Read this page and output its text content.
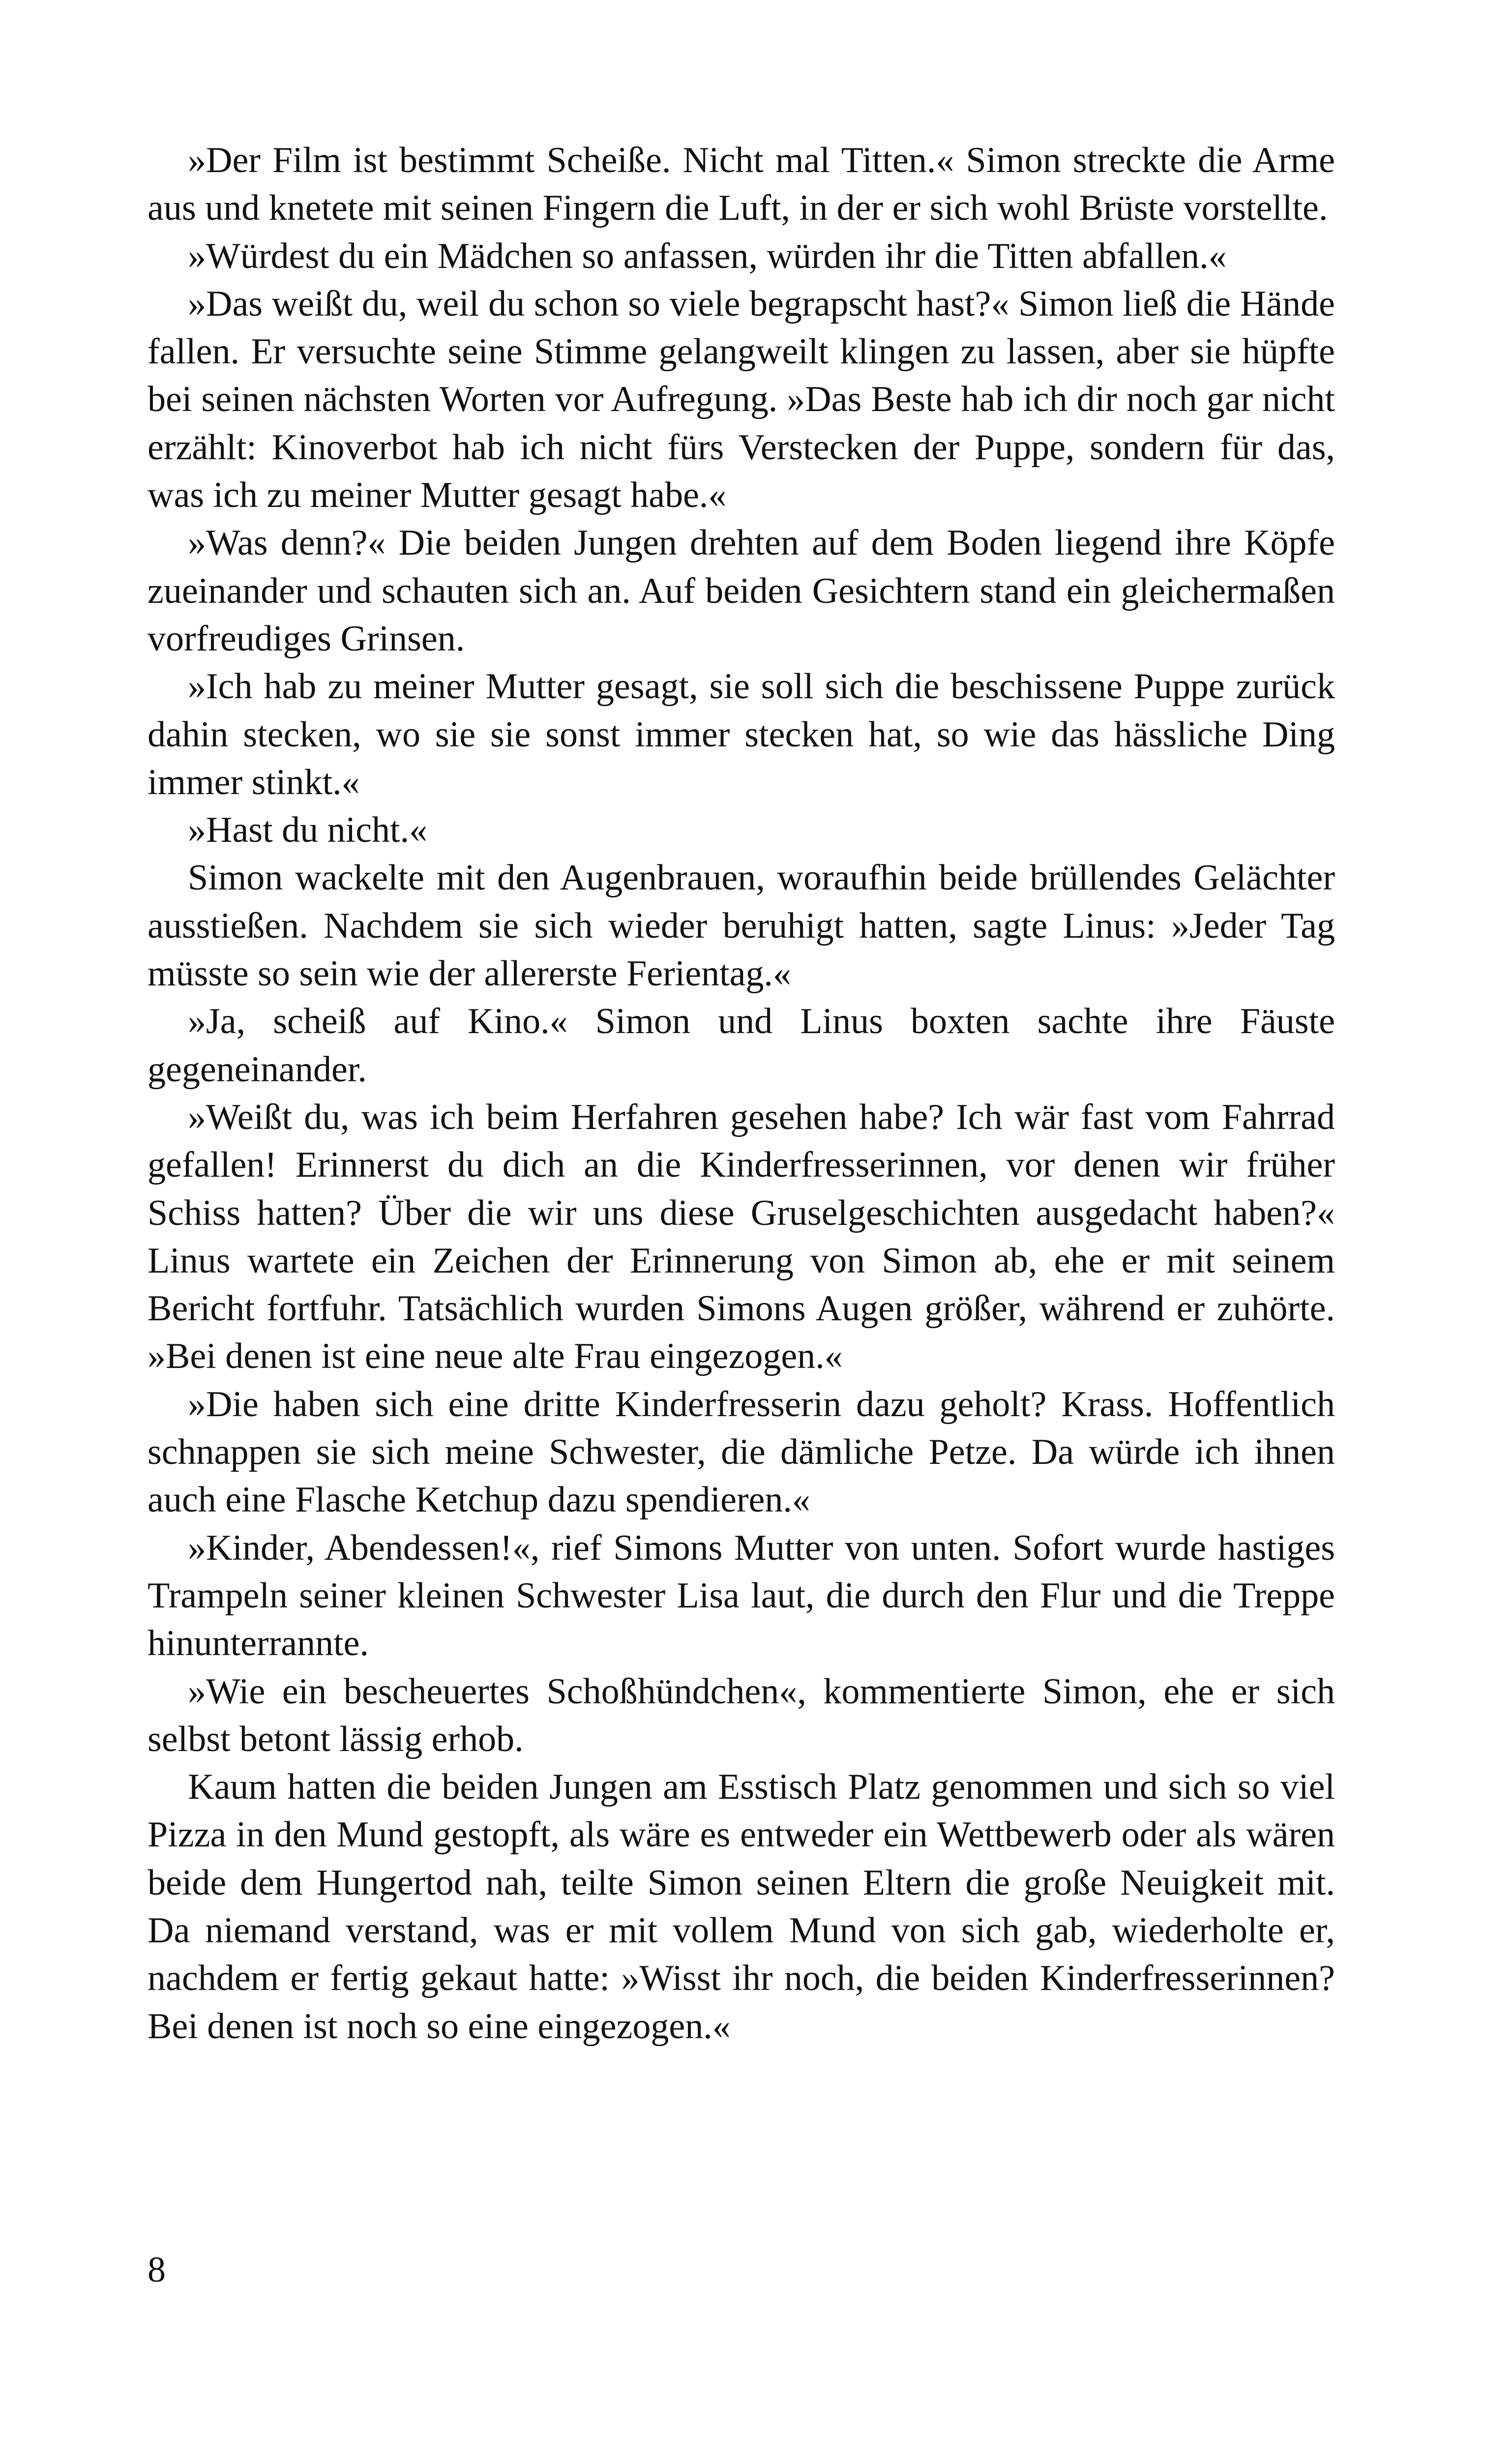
»Der Film ist bestimmt Scheiße. Nicht mal Titten.« Simon streckte die Arme aus und knetete mit seinen Fingern die Luft, in der er sich wohl Brüste vorstellte.

»Würdest du ein Mädchen so anfassen, würden ihr die Titten abfallen.«

»Das weißt du, weil du schon so viele begrapscht hast?« Simon ließ die Hände fallen. Er versuchte seine Stimme gelangweilt klingen zu lassen, aber sie hüpfte bei seinen nächsten Worten vor Aufregung. »Das Beste hab ich dir noch gar nicht erzählt: Kinoverbot hab ich nicht fürs Verstecken der Puppe, sondern für das, was ich zu meiner Mutter gesagt habe.«

»Was denn?« Die beiden Jungen drehten auf dem Boden liegend ihre Köpfe zueinander und schauten sich an. Auf beiden Gesichtern stand ein gleichermaßen vorfreudiges Grinsen.

»Ich hab zu meiner Mutter gesagt, sie soll sich die beschissene Puppe zurück dahin stecken, wo sie sie sonst immer stecken hat, so wie das hässliche Ding immer stinkt.«

»Hast du nicht.«

Simon wackelte mit den Augenbrauen, woraufhin beide brüllendes Gelächter ausstießen. Nachdem sie sich wieder beruhigt hatten, sagte Linus: »Jeder Tag müsste so sein wie der allererste Ferientag.«

»Ja, scheiß auf Kino.« Simon und Linus boxten sachte ihre Fäuste gegeneinander.

»Weißt du, was ich beim Herfahren gesehen habe? Ich wär fast vom Fahrrad gefallen! Erinnerst du dich an die Kinderfresserinnen, vor denen wir früher Schiss hatten? Über die wir uns diese Gruselgeschichten ausgedacht haben?« Linus wartete ein Zeichen der Erinnerung von Simon ab, ehe er mit seinem Bericht fortfuhr. Tatsächlich wurden Simons Augen größer, während er zuhörte. »Bei denen ist eine neue alte Frau eingezogen.«

»Die haben sich eine dritte Kinderfresserin dazu geholt? Krass. Hoffentlich schnappen sie sich meine Schwester, die dämliche Petze. Da würde ich ihnen auch eine Flasche Ketchup dazu spendieren.«

»Kinder, Abendessen!«, rief Simons Mutter von unten. Sofort wurde hastiges Trampeln seiner kleinen Schwester Lisa laut, die durch den Flur und die Treppe hinunterrannte.

»Wie ein bescheuertes Schoßhündchen«, kommentierte Simon, ehe er sich selbst betont lässig erhob.

Kaum hatten die beiden Jungen am Esstisch Platz genommen und sich so viel Pizza in den Mund gestopft, als wäre es entweder ein Wettbewerb oder als wären beide dem Hungertod nah, teilte Simon seinen Eltern die große Neuigkeit mit. Da niemand verstand, was er mit vollem Mund von sich gab, wiederholte er, nachdem er fertig gekaut hatte: »Wisst ihr noch, die beiden Kinderfresserinnen? Bei denen ist noch so eine eingezogen.«

8
